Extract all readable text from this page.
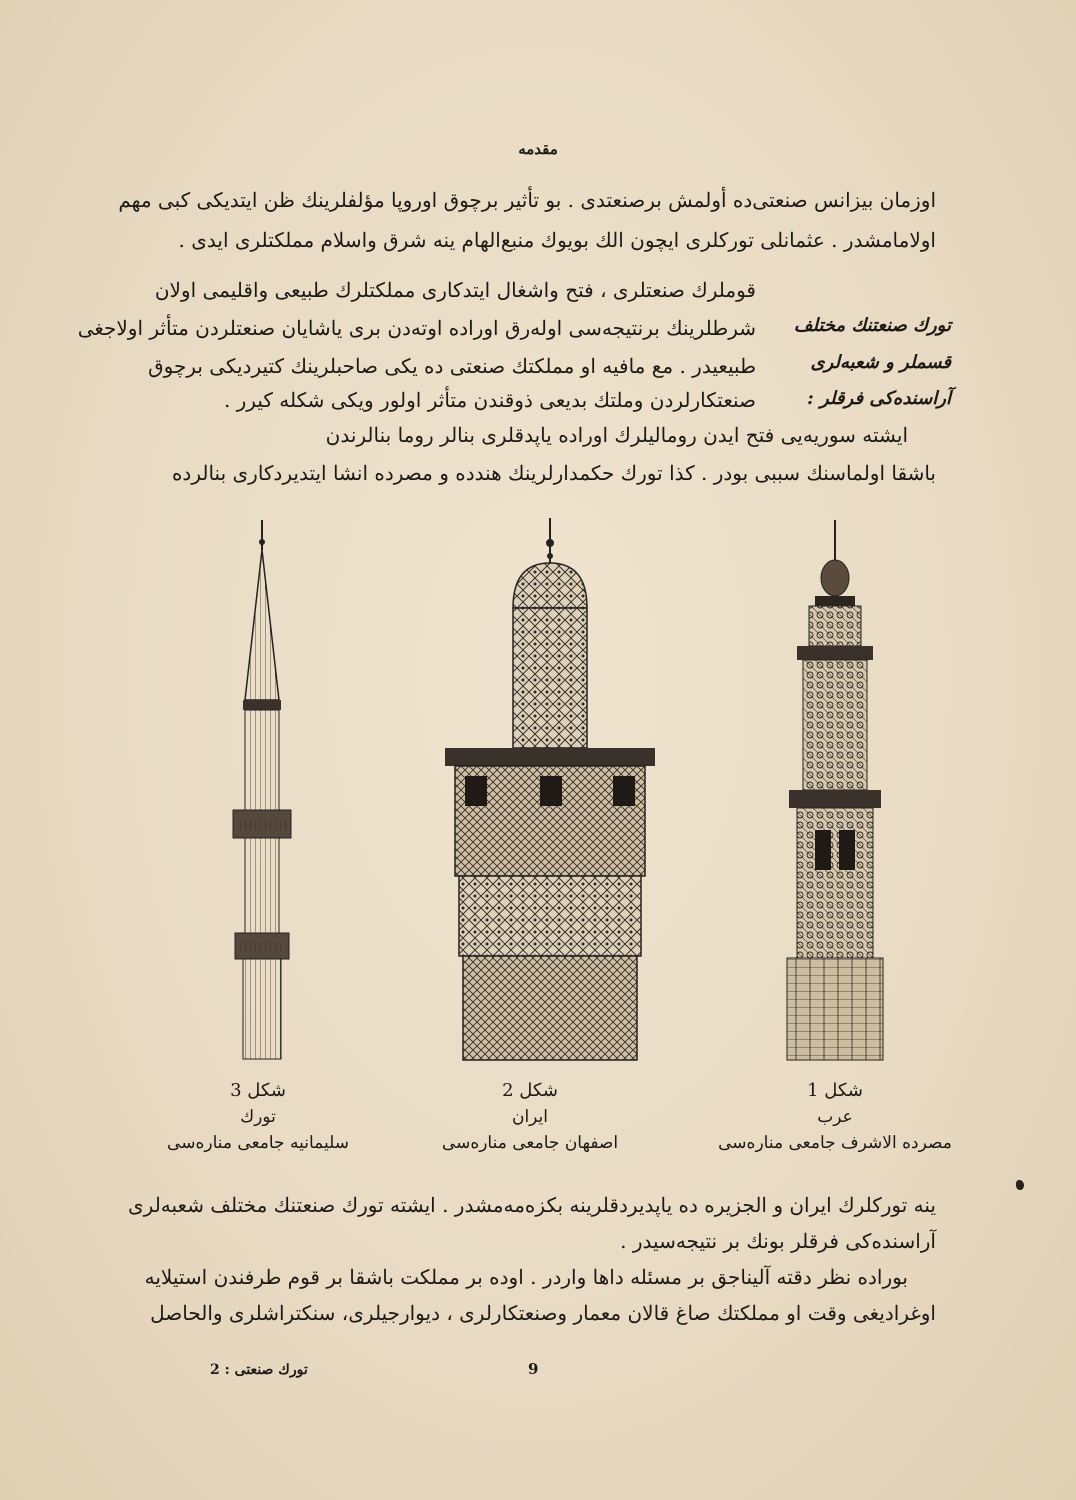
مقدمه
اوزمان بیزانس صنعتی‌ده أولمش برصنعتدی . بو تأثیر برچوق اوروپا مؤلفلرینك ظن ایتدیکی کبی مهم
اولامامشدر . عثمانلی تورکلری ایچون الك بویوك منبع‌الهام ینه شرق واسلام مملکتلری ایدی .
قوملرك صنعتلری ، فتح واشغال ایتدکاری مملکتلرك طبیعی واقلیمی اولان
شرطلرینك برنتیجه‌سی اوله‌رق اوراده اوته‌دن بری یاشایان صنعتلردن متأثر اولاجغی
طبیعیدر . مع مافیه او مملکتك صنعتی ده یکی صاحبلرینك کتیردیکی برچوق
صنعتکارلردن وملتك بدیعی ذوقندن متأثر اولور ویکی شکله کیرر .
ایشته سوریه‌یی فتح ایدن رومالیلرك اوراده یاپدقلری بنالر روما بنالرندن
باشقا اولماسنك سببی بودر . کذا تورك حکمدارلرینك هندده و مصرده انشا ایتدیردکاری بنالرده
تورك صنعتنك مختلف
قسملر و شعبه‌لری
آراسنده‌کی فرقلر :
شکل 3
تورك
سلیمانیه جامعی مناره‌سی
شکل 2
ایران
اصفهان جامعی مناره‌سی
شکل 1
عرب
مصرده الاشرف جامعی مناره‌سی
ینه تورکلرك ایران و الجزیره ده یاپدیردقلرینه بکزه‌مه‌مشدر . ایشته تورك صنعتنك مختلف شعبه‌لری
آراسنده‌کی فرقلر بونك بر نتیجه‌سیدر .
بوراده نظر دقته آلیناجق بر مسئله داها واردر . اوده بر مملکت باشقا بر قوم طرفندن استیلایه
اوغرادیغی وقت او مملکتك صاغ قالان معمار وصنعتکارلری ، دیوارجیلری، سنکتراشلری والحاصل
تورك صنعتی : 2	9
